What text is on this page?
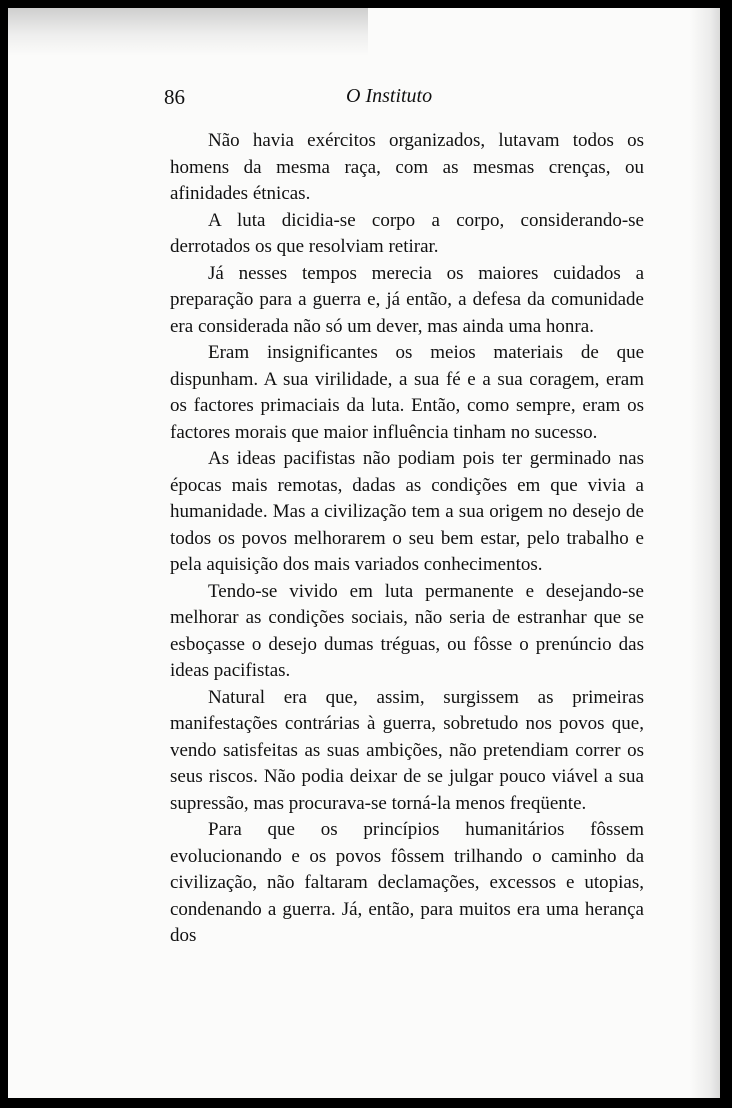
86	O Instituto

Não havia exércitos organizados, lutavam todos os homens da mesma raça, com as mesmas crenças, ou afinidades étnicas.

A luta dicidia-se corpo a corpo, considerando-se derrotados os que resolviam retirar.

Já nesses tempos merecia os maiores cuidados a preparação para a guerra e, já então, a defesa da comunidade era considerada não só um dever, mas ainda uma honra.

Eram insignificantes os meios materiais de que dispunham. A sua virilidade, a sua fé e a sua coragem, eram os factores primaciais da luta. Então, como sempre, eram os factores morais que maior influência tinham no sucesso.

As ideas pacifistas não podiam pois ter germinado nas épocas mais remotas, dadas as condições em que vivia a humanidade. Mas a civilização tem a sua origem no desejo de todos os povos melhorarem o seu bem estar, pelo trabalho e pela aquisição dos mais variados conhecimentos.

Tendo-se vivido em luta permanente e desejando-se melhorar as condições sociais, não seria de estranhar que se esboçasse o desejo dumas tréguas, ou fôsse o prenúncio das ideas pacifistas.

Natural era que, assim, surgissem as primeiras manifestações contrárias à guerra, sobretudo nos povos que, vendo satisfeitas as suas ambições, não pretendiam correr os seus riscos. Não podia deixar de se julgar pouco viável a sua supressão, mas procurava-se torná-la menos freqüente.

Para que os princípios humanitários fôssem evolucionando e os povos fôssem trilhando o caminho da civilização, não faltaram declamações, excessos e utopias, condenando a guerra. Já, então, para muitos era uma herança dos
